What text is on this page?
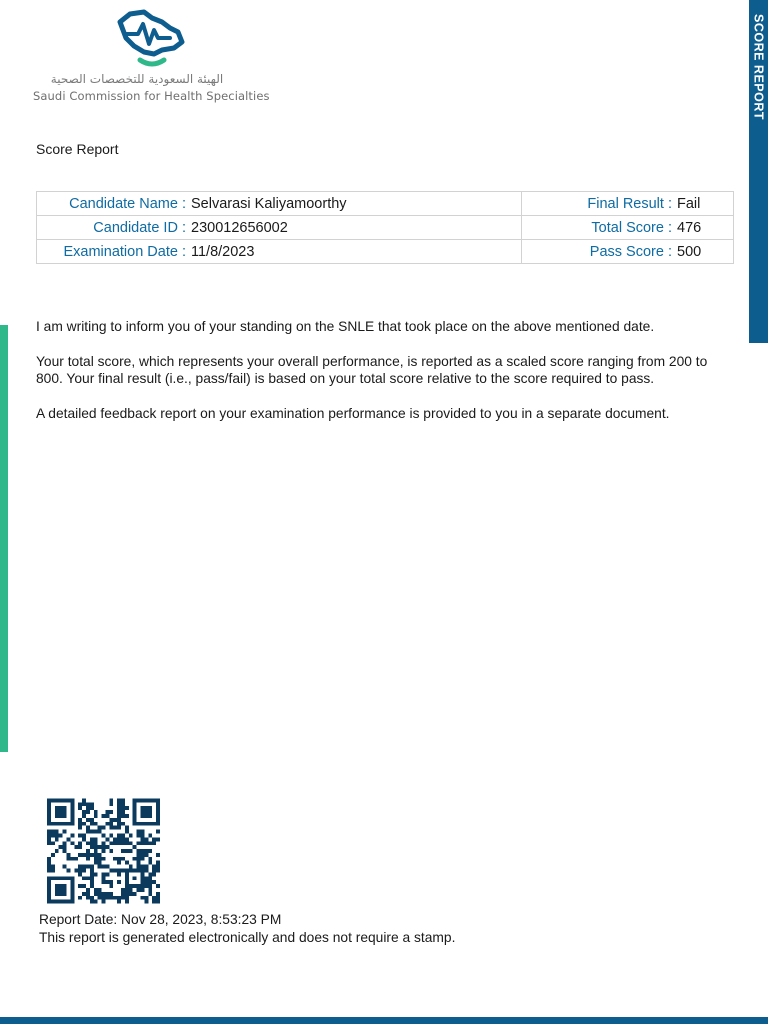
الهيئة السعودية للتخصصات الصحية
Saudi Commission for Health Specialties	SCORE REPORT
Score Report
Candidate Name : Selvarasi Kaliyamoorthy	Final Result : Fail
Candidate ID : 230012656002	Total Score : 476
Examination Date : 11/8/2023	Pass Score : 500

I am writing to inform you of your standing on the SNLE that took place on the above mentioned date.

Your total score, which represents your overall performance, is reported as a scaled score ranging from 200 to 800. Your final result (i.e., pass/fail) is based on your total score relative to the score required to pass.

A detailed feedback report on your examination performance is provided to you in a separate document.

Report Date: Nov 28, 2023, 8:53:23 PM
This report is generated electronically and does not require a stamp.
